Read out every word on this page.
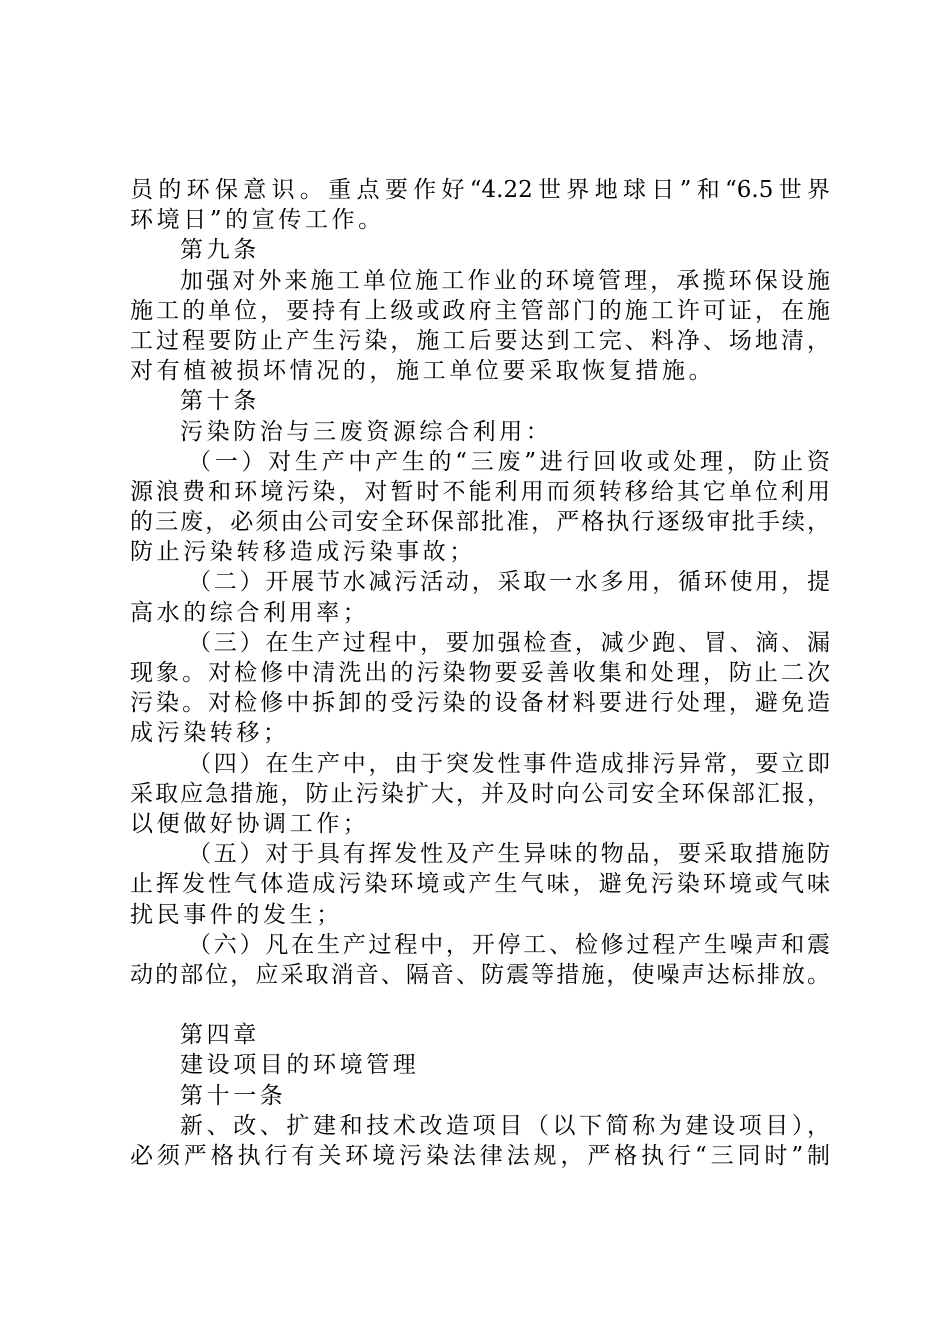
员的环保意识。重点要作好“4.22世界地球日”和“6.5世界
环境日”的宣传工作。
第九条
加强对外来施工单位施工作业的环境管理，承揽环保设施
施工的单位，要持有上级或政府主管部门的施工许可证，在施
工过程要防止产生污染，施工后要达到工完、料净、场地清，
对有植被损坏情况的，施工单位要采取恢复措施。
第十条
污染防治与三废资源综合利用：
（一）对生产中产生的“三废”进行回收或处理，防止资
源浪费和环境污染，对暂时不能利用而须转移给其它单位利用
的三废，必须由公司安全环保部批准，严格执行逐级审批手续，
防止污染转移造成污染事故；
（二）开展节水减污活动，采取一水多用，循环使用，提
高水的综合利用率；
（三）在生产过程中，要加强检查，减少跑、冒、滴、漏
现象。对检修中清洗出的污染物要妥善收集和处理，防止二次
污染。对检修中拆卸的受污染的设备材料要进行处理，避免造
成污染转移；
（四）在生产中，由于突发性事件造成排污异常，要立即
采取应急措施，防止污染扩大，并及时向公司安全环保部汇报，
以便做好协调工作；
（五）对于具有挥发性及产生异味的物品，要采取措施防
止挥发性气体造成污染环境或产生气味，避免污染环境或气味
扰民事件的发生；
（六）凡在生产过程中，开停工、检修过程产生噪声和震
动的部位，应采取消音、隔音、防震等措施，使噪声达标排放。
第四章
建设项目的环境管理
第十一条
新、改、扩建和技术改造项目（以下简称为建设项目），
必须严格执行有关环境污染法律法规，严格执行“三同时”制
